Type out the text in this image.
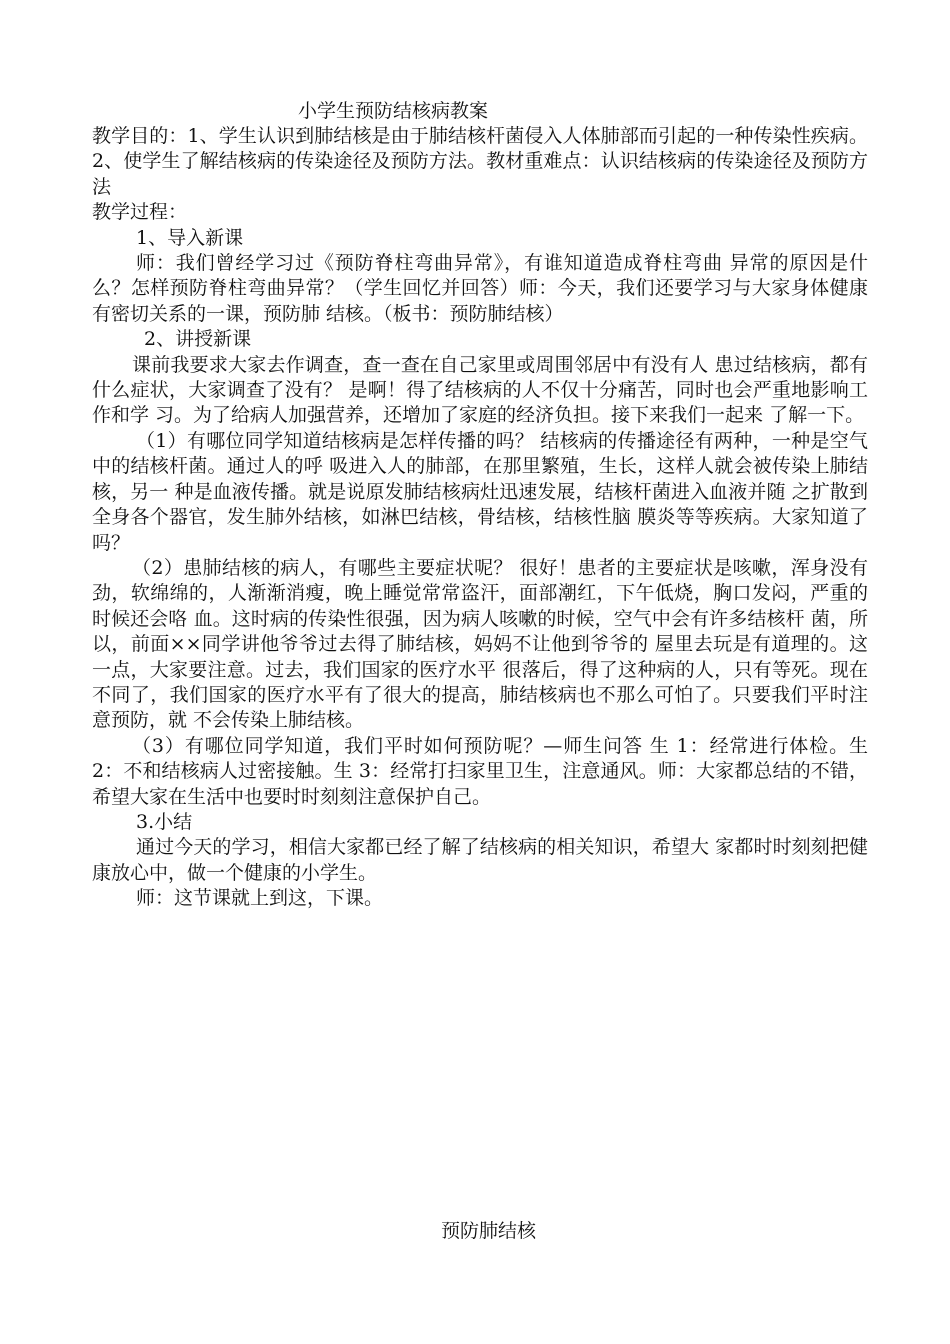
小学生预防结核病教案

教学目的：1、学生认识到肺结核是由于肺结核杆菌侵入人体肺部而引起的一种传染性疾病。2、使学生了解结核病的传染途径及预防方法。教材重难点：认识结核病的传染途径及预防方法

教学过程：

1、导入新课

师：我们曾经学习过《预防脊柱弯曲异常》，有谁知道造成脊柱弯曲 异常的原因是什么？怎样预防脊柱弯曲异常？（学生回忆并回答）师：今天，我们还要学习与大家身体健康有密切关系的一课，预防肺 结核。（板书：预防肺结核）

2、讲授新课

课前我要求大家去作调查，查一查在自己家里或周围邻居中有没有人 患过结核病，都有什么症状，大家调查了没有？ 是啊！得了结核病的人不仅十分痛苦，同时也会严重地影响工作和学 习。为了给病人加强营养，还增加了家庭的经济负担。接下来我们一起来 了解一下。

（1）有哪位同学知道结核病是怎样传播的吗？ 结核病的传播途径有两种，一种是空气中的结核杆菌。通过人的呼 吸进入人的肺部，在那里繁殖，生长，这样人就会被传染上肺结核，另一 种是血液传播。就是说原发肺结核病灶迅速发展，结核杆菌进入血液并随 之扩散到全身各个器官，发生肺外结核，如淋巴结核，骨结核，结核性脑 膜炎等等疾病。大家知道了吗？

（2）患肺结核的病人，有哪些主要症状呢？ 很好！患者的主要症状是咳嗽，浑身没有劲，软绵绵的，人渐渐消瘦，晚上睡觉常常盗汗，面部潮红，下午低烧，胸口发闷，严重的时候还会咯 血。这时病的传染性很强，因为病人咳嗽的时候，空气中会有许多结核杆 菌，所以，前面××同学讲他爷爷过去得了肺结核，妈妈不让他到爷爷的 屋里去玩是有道理的。这一点，大家要注意。过去，我们国家的医疗水平 很落后，得了这种病的人，只有等死。现在不同了，我们国家的医疗水平有了很大的提高，肺结核病也不那么可怕了。只要我们平时注意预防，就 不会传染上肺结核。

（3）有哪位同学知道，我们平时如何预防呢？—师生问答 生 1：经常进行体检。生 2：不和结核病人过密接触。生 3：经常打扫家里卫生，注意通风。师：大家都总结的不错，希望大家在生活中也要时时刻刻注意保护自己。

3.小结

通过今天的学习，相信大家都已经了解了结核病的相关知识，希望大 家都时时刻刻把健康放心中，做一个健康的小学生。

师：这节课就上到这，下课。

预防肺结核
